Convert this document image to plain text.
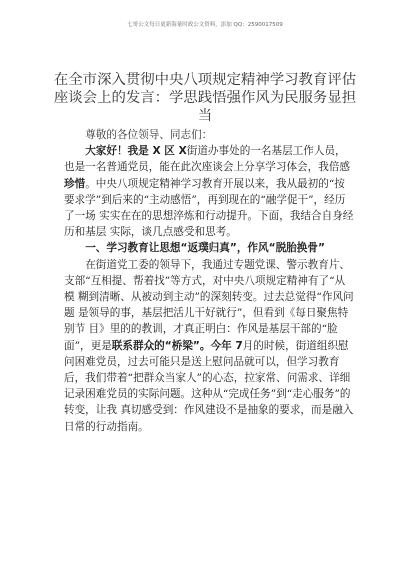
七哥公文每日更新海量时政公文资料，添加 QQ：2590017509
在全市深入贯彻中央八项规定精神学习教育评估座谈会上的发言：学思践悟强作风为民服务显担当

尊敬的各位领导、同志们：

大家好！我是 X 区 X街道办事处的一名基层工作人员，也是一名普通党员，能在此次座谈会上分享学习体会，我倍感珍惜。中央八项规定精神学习教育开展以来，我从最初的“按要求学”到后来的“主动感悟”，再到现在的“融学促干”，经历了一场 实实在在的思想淬炼和行动提升。下面，我结合自身经历和基层 实际，谈几点感受和思考。

一、学习教育让思想“返璞归真”，作风“脱胎换骨”

在街道党工委的领导下，我通过专题党课、警示教育片、支部“互相提、帮着找”等方式，对中央八项规定精神有了“从模 糊到清晰、从被动到主动”的深刻转变。过去总觉得“作风问题 是领导的事，基层把活儿干好就行”，但看到《每日聚焦特别节 目》里的的教训，才真正明白：作风是基层干部的“脸面”，更是联系群众的“桥梁”。今年 7月的时候，街道组织慰问困难党员，过去可能只是送上慰问品就可以，但学习教育后，我们带着“把群众当家人”的心态，拉家常、问需求、详细记录困难党员的实际问题。这种从“完成任务”到“走心服务”的转变，让我 真切感受到：作风建设不是抽象的要求，而是融入日常的行动指南。
